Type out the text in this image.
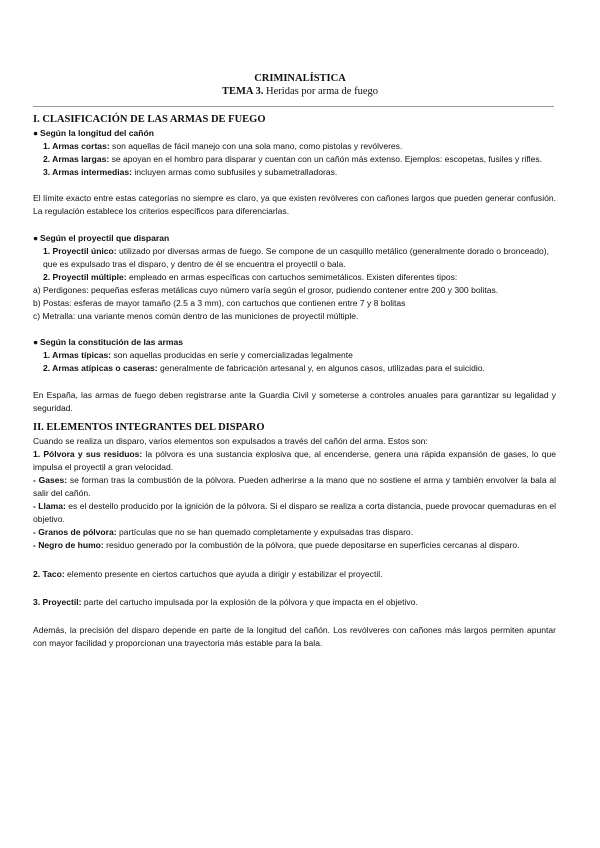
CRIMINALÍSTICA
TEMA 3. Heridas por arma de fuego

I. CLASIFICACIÓN DE LAS ARMAS DE FUEGO

● Según la longitud del cañón

1. Armas cortas: son aquellas de fácil manejo con una sola mano, como pistolas y revólveres.

2. Armas largas: se apoyan en el hombro para disparar y cuentan con un cañón más extenso. Ejemplos: escopetas, fusiles y rifles.

3. Armas intermedias: incluyen armas como subfusiles y subametralladoras.

El límite exacto entre estas categorías no siempre es claro, ya que existen revólveres con cañones largos que pueden generar confusión. La regulación establece los criterios específicos para diferenciarlas.

● Según el proyectil que disparan

1. Proyectil único: utilizado por diversas armas de fuego. Se compone de un casquillo metálico (generalmente dorado o bronceado), que es expulsado tras el disparo, y dentro de él se encuentra el proyectil o bala.

2. Proyectil múltiple: empleado en armas específicas con cartuchos semimetálicos. Existen diferentes tipos:

a) Perdigones: pequeñas esferas metálicas cuyo número varía según el grosor, pudiendo contener entre 200 y 300 bolitas.

b) Postas: esferas de mayor tamaño (2.5 a 3 mm), con cartuchos que contienen entre 7 y 8 bolitas

c) Metralla: una variante menos común dentro de las municiones de proyectil múltiple.

● Según la constitución de las armas

1. Armas típicas: son aquellas producidas en serie y comercializadas legalmente

2. Armas atípicas o caseras: generalmente de fabricación artesanal y, en algunos casos, utilizadas para el suicidio.

En España, las armas de fuego deben registrarse ante la Guardia Civil y someterse a controles anuales para garantizar su legalidad y seguridad.

II. ELEMENTOS INTEGRANTES DEL DISPARO

Cuando se realiza un disparo, varios elementos son expulsados a través del cañón del arma. Estos son:

1. Pólvora y sus residuos: la pólvora es una sustancia explosiva que, al encenderse, genera una rápida expansión de gases, lo que impulsa el proyectil a gran velocidad.

- Gases: se forman tras la combustión de la pólvora. Pueden adherirse a la mano que no sostiene el arma y también envolver la bala al salir del cañón.

- Llama: es el destello producido por la ignición de la pólvora. Si el disparo se realiza a corta distancia, puede provocar quemaduras en el objetivo.

- Granos de pólvora: partículas que no se han quemado completamente y expulsadas tras disparo.

- Negro de humo: residuo generado por la combustión de la pólvora, que puede depositarse en superficies cercanas al disparo.

2. Taco: elemento presente en ciertos cartuchos que ayuda a dirigir y estabilizar el proyectil.

3. Proyectil: parte del cartucho impulsada por la explosión de la pólvora y que impacta en el objetivo.

Además, la precisión del disparo depende en parte de la longitud del cañón. Los revólveres con cañones más largos permiten apuntar con mayor facilidad y proporcionan una trayectoria más estable para la bala.
